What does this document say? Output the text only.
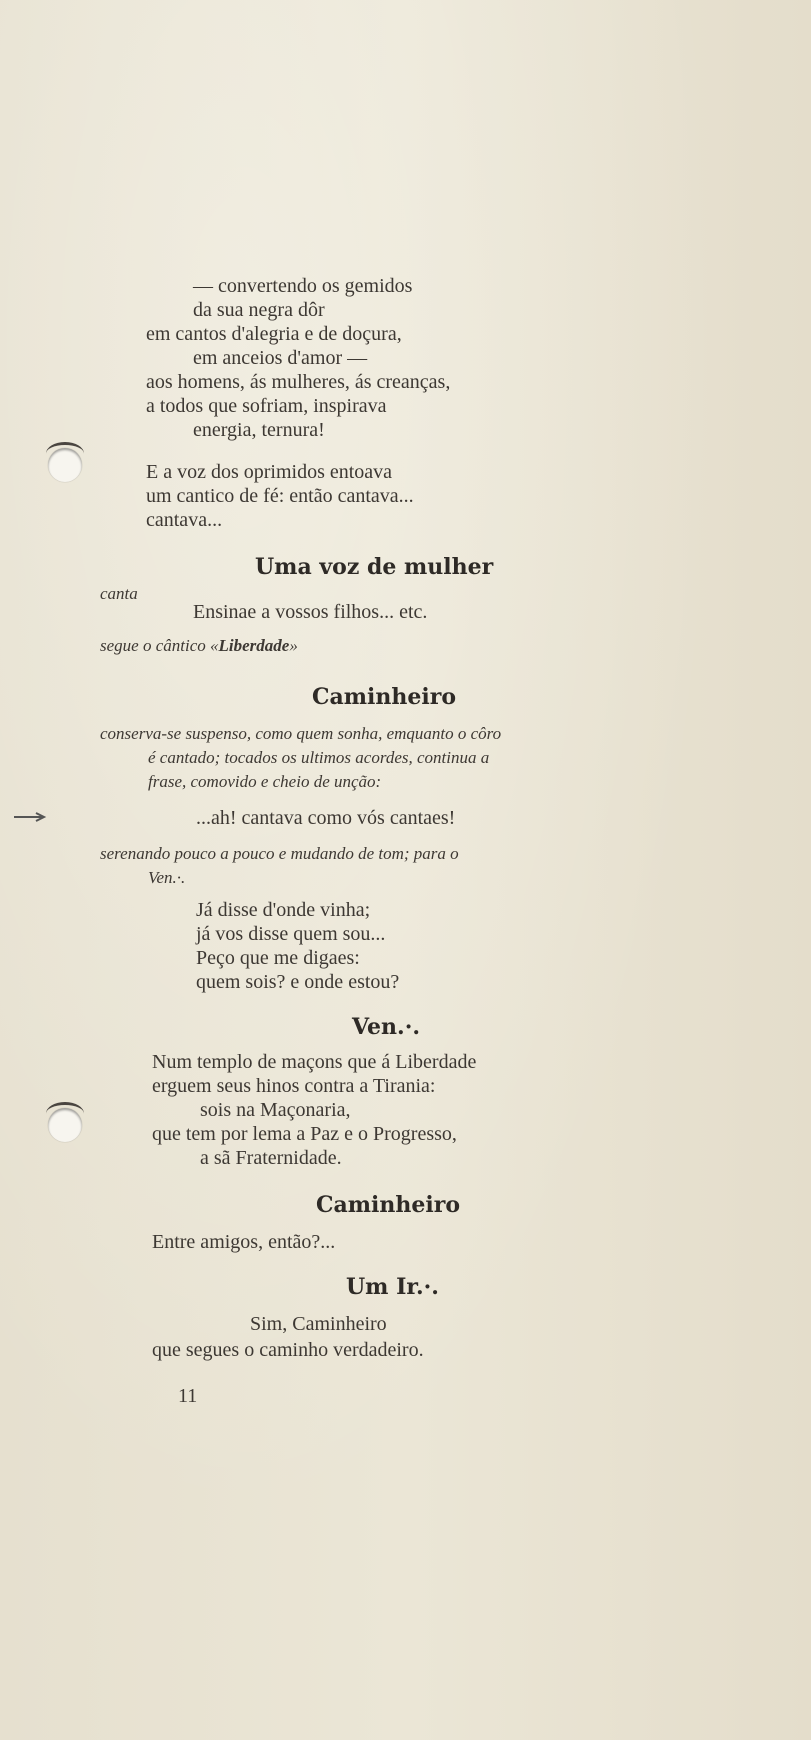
— convertendo os gemidos
da sua negra dôr
em cantos d'alegria e de doçura,
em anceios d'amor —
aos homens, ás mulheres, ás creanças,
a todos que sofriam, inspirava
energia, ternura!
E a voz dos oprimidos entoava
um cantico de fé: então cantava...
cantava...
Uma voz de mulher
canta
Ensinae a vossos filhos... etc.
segue o cântico «Liberdade»
Caminheiro
conserva-se suspenso, como quem sonha, emquanto o côro
é cantado; tocados os ultimos acordes, continua a
frase, comovido e cheio de unção:
...ah! cantava como vós cantaes!
serenando pouco a pouco e mudando de tom; para o
Ven.·.
Já disse d'onde vinha;
já vos disse quem sou...
Peço que me digaes:
quem sois? e onde estou?
Ven.·.
Num templo de maçons que á Liberdade
erguem seus hinos contra a Tirania:
sois na Maçonaria,
que tem por lema a Paz e o Progresso,
a sã Fraternidade.
Caminheiro
Entre amigos, então?...
Um Ir.·.
Sim, Caminheiro
que segues o caminho verdadeiro.
11
